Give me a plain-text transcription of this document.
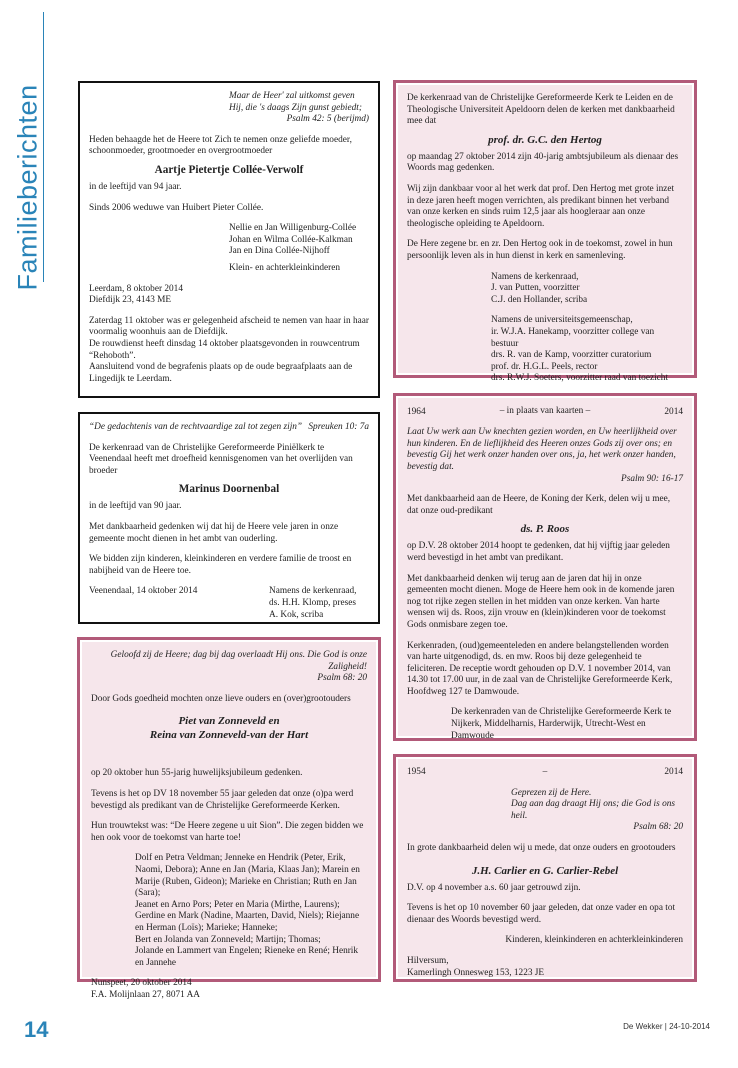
Familieberichten	Maar de Heer' zal uitkomst geven

Hij, die 's daags Zijn gunst gebiedt;

Psalm 42: 5 (berijmd)

Heden behaagde het de Heere tot Zich te nemen onze geliefde moeder, schoonmoeder, grootmoeder en overgrootmoeder

Aartje Pietertje Collée-Verwolf

in de leeftijd van 94 jaar.

Sinds 2006 weduwe van Huibert Pieter Collée.

Nellie en Jan Willigenburg-Collée

Johan en Wilma Collée-Kalkman

Jan en Dina Collée-Nijhoff

Klein- en achterkleinkinderen

Leerdam, 8 oktober 2014

Diefdijk 23, 4143 ME

Zaterdag 11 oktober was er gelegenheid afscheid te nemen van haar in haar voormalig woonhuis aan de Diefdijk.

De rouwdienst heeft dinsdag 14 oktober plaatsgevonden in rouwcentrum “Rehoboth”.

Aansluitend vond de begrafenis plaats op de oude begraafplaats aan de Lingedijk te Leerdam.

“De gedachtenis van de rechtvaardige zal tot zegen zijn” Spreuken 10: 7a

De kerkenraad van de Christelijke Gereformeerde Piniëlkerk te Veenendaal heeft met droefheid kennisgenomen van het overlijden van broeder

Marinus Doornenbal

in de leeftijd van 90 jaar.

Met dankbaarheid gedenken wij dat hij de Heere vele jaren in onze gemeente mocht dienen in het ambt van ouderling.

We bidden zijn kinderen, kleinkinderen en verdere familie de troost en nabijheid van de Heere toe.

Veenendaal, 14 oktober 2014	Namens de kerkenraad,
ds. H.H. Klomp, preses
A. Kok, scriba

Geloofd zij de Heere; dag bij dag overlaadt Hij ons. Die God is onze Zaligheid!

Psalm 68: 20

Door Gods goedheid mochten onze lieve ouders en (over)grootouders

Piet van Zonneveld en

Reina van Zonneveld-van der Hart

op 20 oktober hun 55-jarig huwelijksjubileum gedenken.

Tevens is het op DV 18 november 55 jaar geleden dat onze (o)pa werd bevestigd als predikant van de Christelijke Gereformeerde Kerken.

Hun trouwtekst was: “De Heere zegene u uit Sion”. Die zegen bidden we hen ook voor de toekomst van harte toe!

Dolf en Petra Veldman; Jenneke en Hendrik (Peter, Erik, Naomi, Debora); Anne en Jan (Maria, Klaas Jan); Marein en Marije (Ruben, Gideon); Marieke en Christian; Ruth en Jan (Sara);

Jeanet en Arno Pors; Peter en Maria (Mirthe, Laurens); Gerdine en Mark (Nadine, Maarten, David, Niels); Riejanne en Herman (Loïs); Marieke; Hanneke;

Bert en Jolanda van Zonneveld; Martijn; Thomas;

Jolande en Lammert van Engelen; Rieneke en René; Henrik en Jannehe

Nunspeet, 20 oktober 2014

F.A. Molijnlaan 27, 8071 AA

De kerkenraad van de Christelijke Gereformeerde Kerk te Leiden en de Theologische Universiteit Apeldoorn delen de kerken met dankbaarheid mee dat

prof. dr. G.C. den Hertog

op maandag 27 oktober 2014 zijn 40-jarig ambtsjubileum als dienaar des Woords mag gedenken.

Wij zijn dankbaar voor al het werk dat prof. Den Hertog met grote inzet in deze jaren heeft mogen verrichten, als predikant binnen het verband van onze kerken en sinds ruim 12,5 jaar als hoogleraar aan onze theologische opleiding te Apeldoorn.

De Here zegene br. en zr. Den Hertog ook in de toekomst, zowel in hun persoonlijk leven als in hun dienst in kerk en samenleving.

Namens de kerkenraad,

J. van Putten, voorzitter

C.J. den Hollander, scriba

Namens de universiteitsgemeenschap,

ir. W.J.A. Hanekamp, voorzitter college van bestuur

drs. R. van de Kamp, voorzitter curatorium

prof. dr. H.G.L. Peels, rector

drs. R.W.J. Soeters, voorzitter raad van toezicht

– in plaats van kaarten –

1964	2014

Laat Uw werk aan Uw knechten gezien worden, en Uw heerlijkheid over hun kinderen. En de lieflijkheid des Heeren onzes Gods zij over ons; en bevestig Gij het werk onzer handen over ons, ja, het werk onzer handen, bevestig dat.

Psalm 90: 16-17

Met dankbaarheid aan de Heere, de Koning der Kerk, delen wij u mee, dat onze oud-predikant

ds. P. Roos

op D.V. 28 oktober 2014 hoopt te gedenken, dat hij vijftig jaar geleden werd bevestigd in het ambt van predikant.

Met dankbaarheid denken wij terug aan de jaren dat hij in onze gemeenten mocht dienen. Moge de Heere hem ook in de komende jaren nog tot rijke zegen stellen in het midden van onze kerken. Van harte wensen wij ds. Roos, zijn vrouw en (klein)kinderen voor de toekomst Gods onmisbare zegen toe.

Kerkenraden, (oud)gemeenteleden en andere belangstellenden worden van harte uitgenodigd, ds. en mw. Roos bij deze gelegenheid te feliciteren. De receptie wordt gehouden op D.V. 1 november 2014, van 14.30 tot 17.00 uur, in de zaal van de Christelijke Gereformeerde Kerk, Hoofdweg 127 te Damwoude.

De kerkenraden van de Christelijke Gereformeerde Kerk te Nijkerk, Middelharnis, Harderwijk, Utrecht-West en Damwoude

1954	–	2014

Geprezen zij de Here.

Dag aan dag draagt Hij ons; die God is ons heil.

Psalm 68: 20

In grote dankbaarheid delen wij u mede, dat onze ouders en grootouders

J.H. Carlier en G. Carlier-Rebel

D.V. op 4 november a.s. 60 jaar getrouwd zijn.

Tevens is het op 10 november 60 jaar geleden, dat onze vader en opa tot dienaar des Woords bevestigd werd.

Kinderen, kleinkinderen en achterkleinkinderen

Hilversum,

Kamerlingh Onnesweg 153, 1223 JE

14	De Wekker | 24-10-2014
